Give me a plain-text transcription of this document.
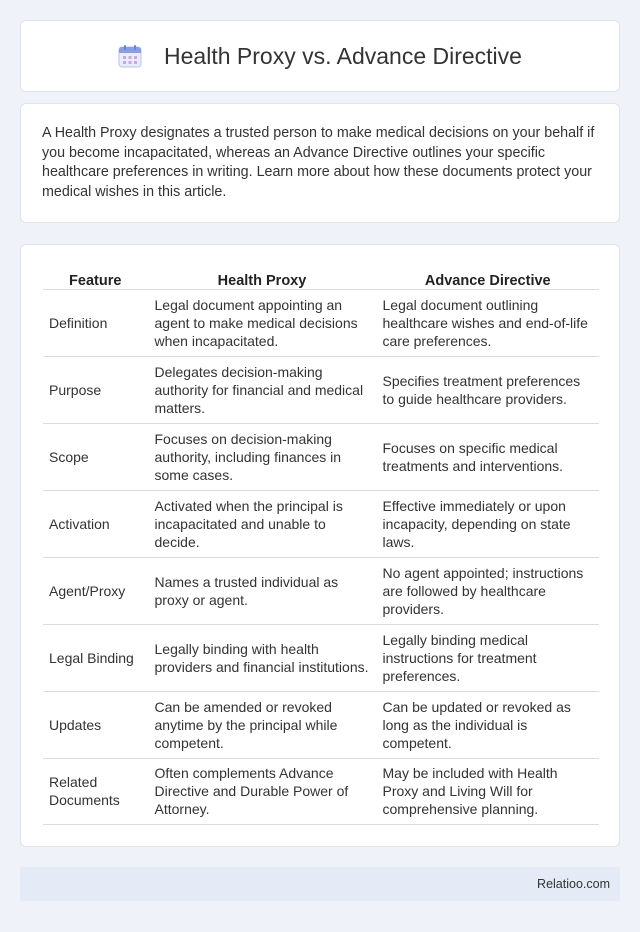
Health Proxy vs. Advance Directive

A Health Proxy designates a trusted person to make medical decisions on your behalf if you become incapacitated, whereas an Advance Directive outlines your specific healthcare preferences in writing. Learn more about how these documents protect your medical wishes in this article.

Feature	Health Proxy	Advance Directive
Definition	Legal document appointing an agent to make medical decisions when incapacitated.	Legal document outlining healthcare wishes and end-of-life care preferences.
Purpose	Delegates decision-making authority for financial and medical matters.	Specifies treatment preferences to guide healthcare providers.
Scope	Focuses on decision-making authority, including finances in some cases.	Focuses on specific medical treatments and interventions.
Activation	Activated when the principal is incapacitated and unable to decide.	Effective immediately or upon incapacity, depending on state laws.
Agent/Proxy	Names a trusted individual as proxy or agent.	No agent appointed; instructions are followed by healthcare providers.
Legal Binding	Legally binding with health providers and financial institutions.	Legally binding medical instructions for treatment preferences.
Updates	Can be amended or revoked anytime by the principal while competent.	Can be updated or revoked as long as the individual is competent.
Related Documents	Often complements Advance Directive and Durable Power of Attorney.	May be included with Health Proxy and Living Will for comprehensive planning.
Relatioo.com
